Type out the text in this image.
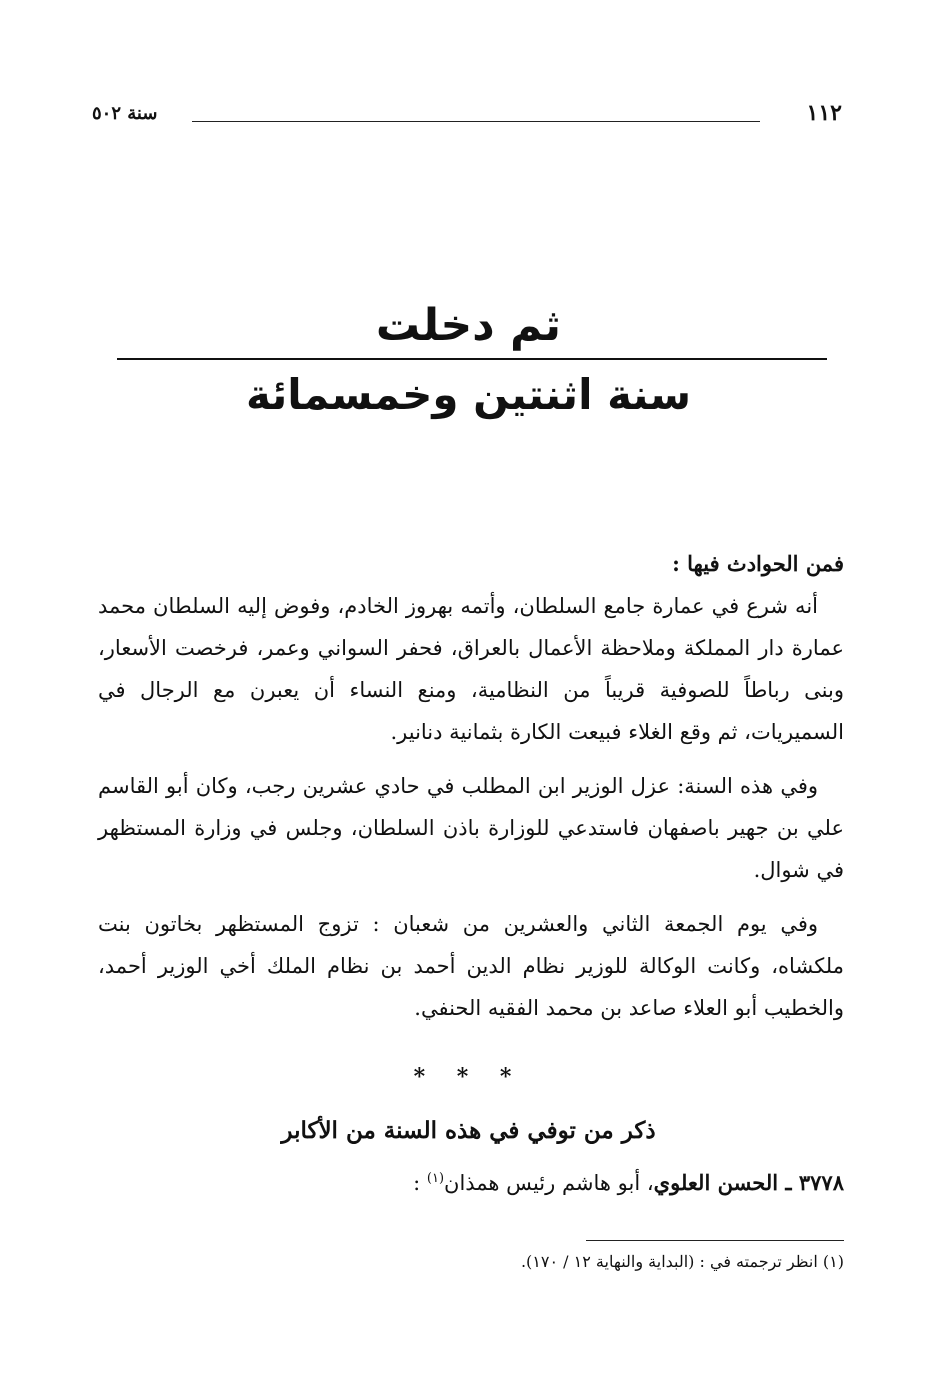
١١٢
سنة ٥٠٢
ثم دخلت
سنة اثنتين وخمسمائة

فمن الحوادث فيها :

أنه شرع في عمارة جامع السلطان، وأتمه بهروز الخادم، وفوض إليه السلطان محمد عمارة دار المملكة وملاحظة الأعمال بالعراق، فحفر السواني وعمر، فرخصت الأسعار، وبنى رباطاً للصوفية قريباً من النظامية، ومنع النساء أن يعبرن مع الرجال في السميريات، ثم وقع الغلاء فبيعت الكارة بثمانية دنانير.

وفي هذه السنة: عزل الوزير ابن المطلب في حادي عشرين رجب، وكان أبو القاسم علي بن جهير باصفهان فاستدعي للوزارة باذن السلطان، وجلس في وزارة المستظهر في شوال.

وفي يوم الجمعة الثاني والعشرين من شعبان : تزوج المستظهر بخاتون بنت ملكشاه، وكانت الوكالة للوزير نظام الدين أحمد بن نظام الملك أخي الوزير أحمد، والخطيب أبو العلاء صاعد بن محمد الفقيه الحنفي.

* * *
ذكر من توفي في هذه السنة من الأكابر
٣٧٧٨ ـ الحسن العلوي، أبو هاشم رئيس همذان$^{(١)}$ :
(١) انظر ترجمته في : (البداية والنهاية ١٢ / ١٧٠).
